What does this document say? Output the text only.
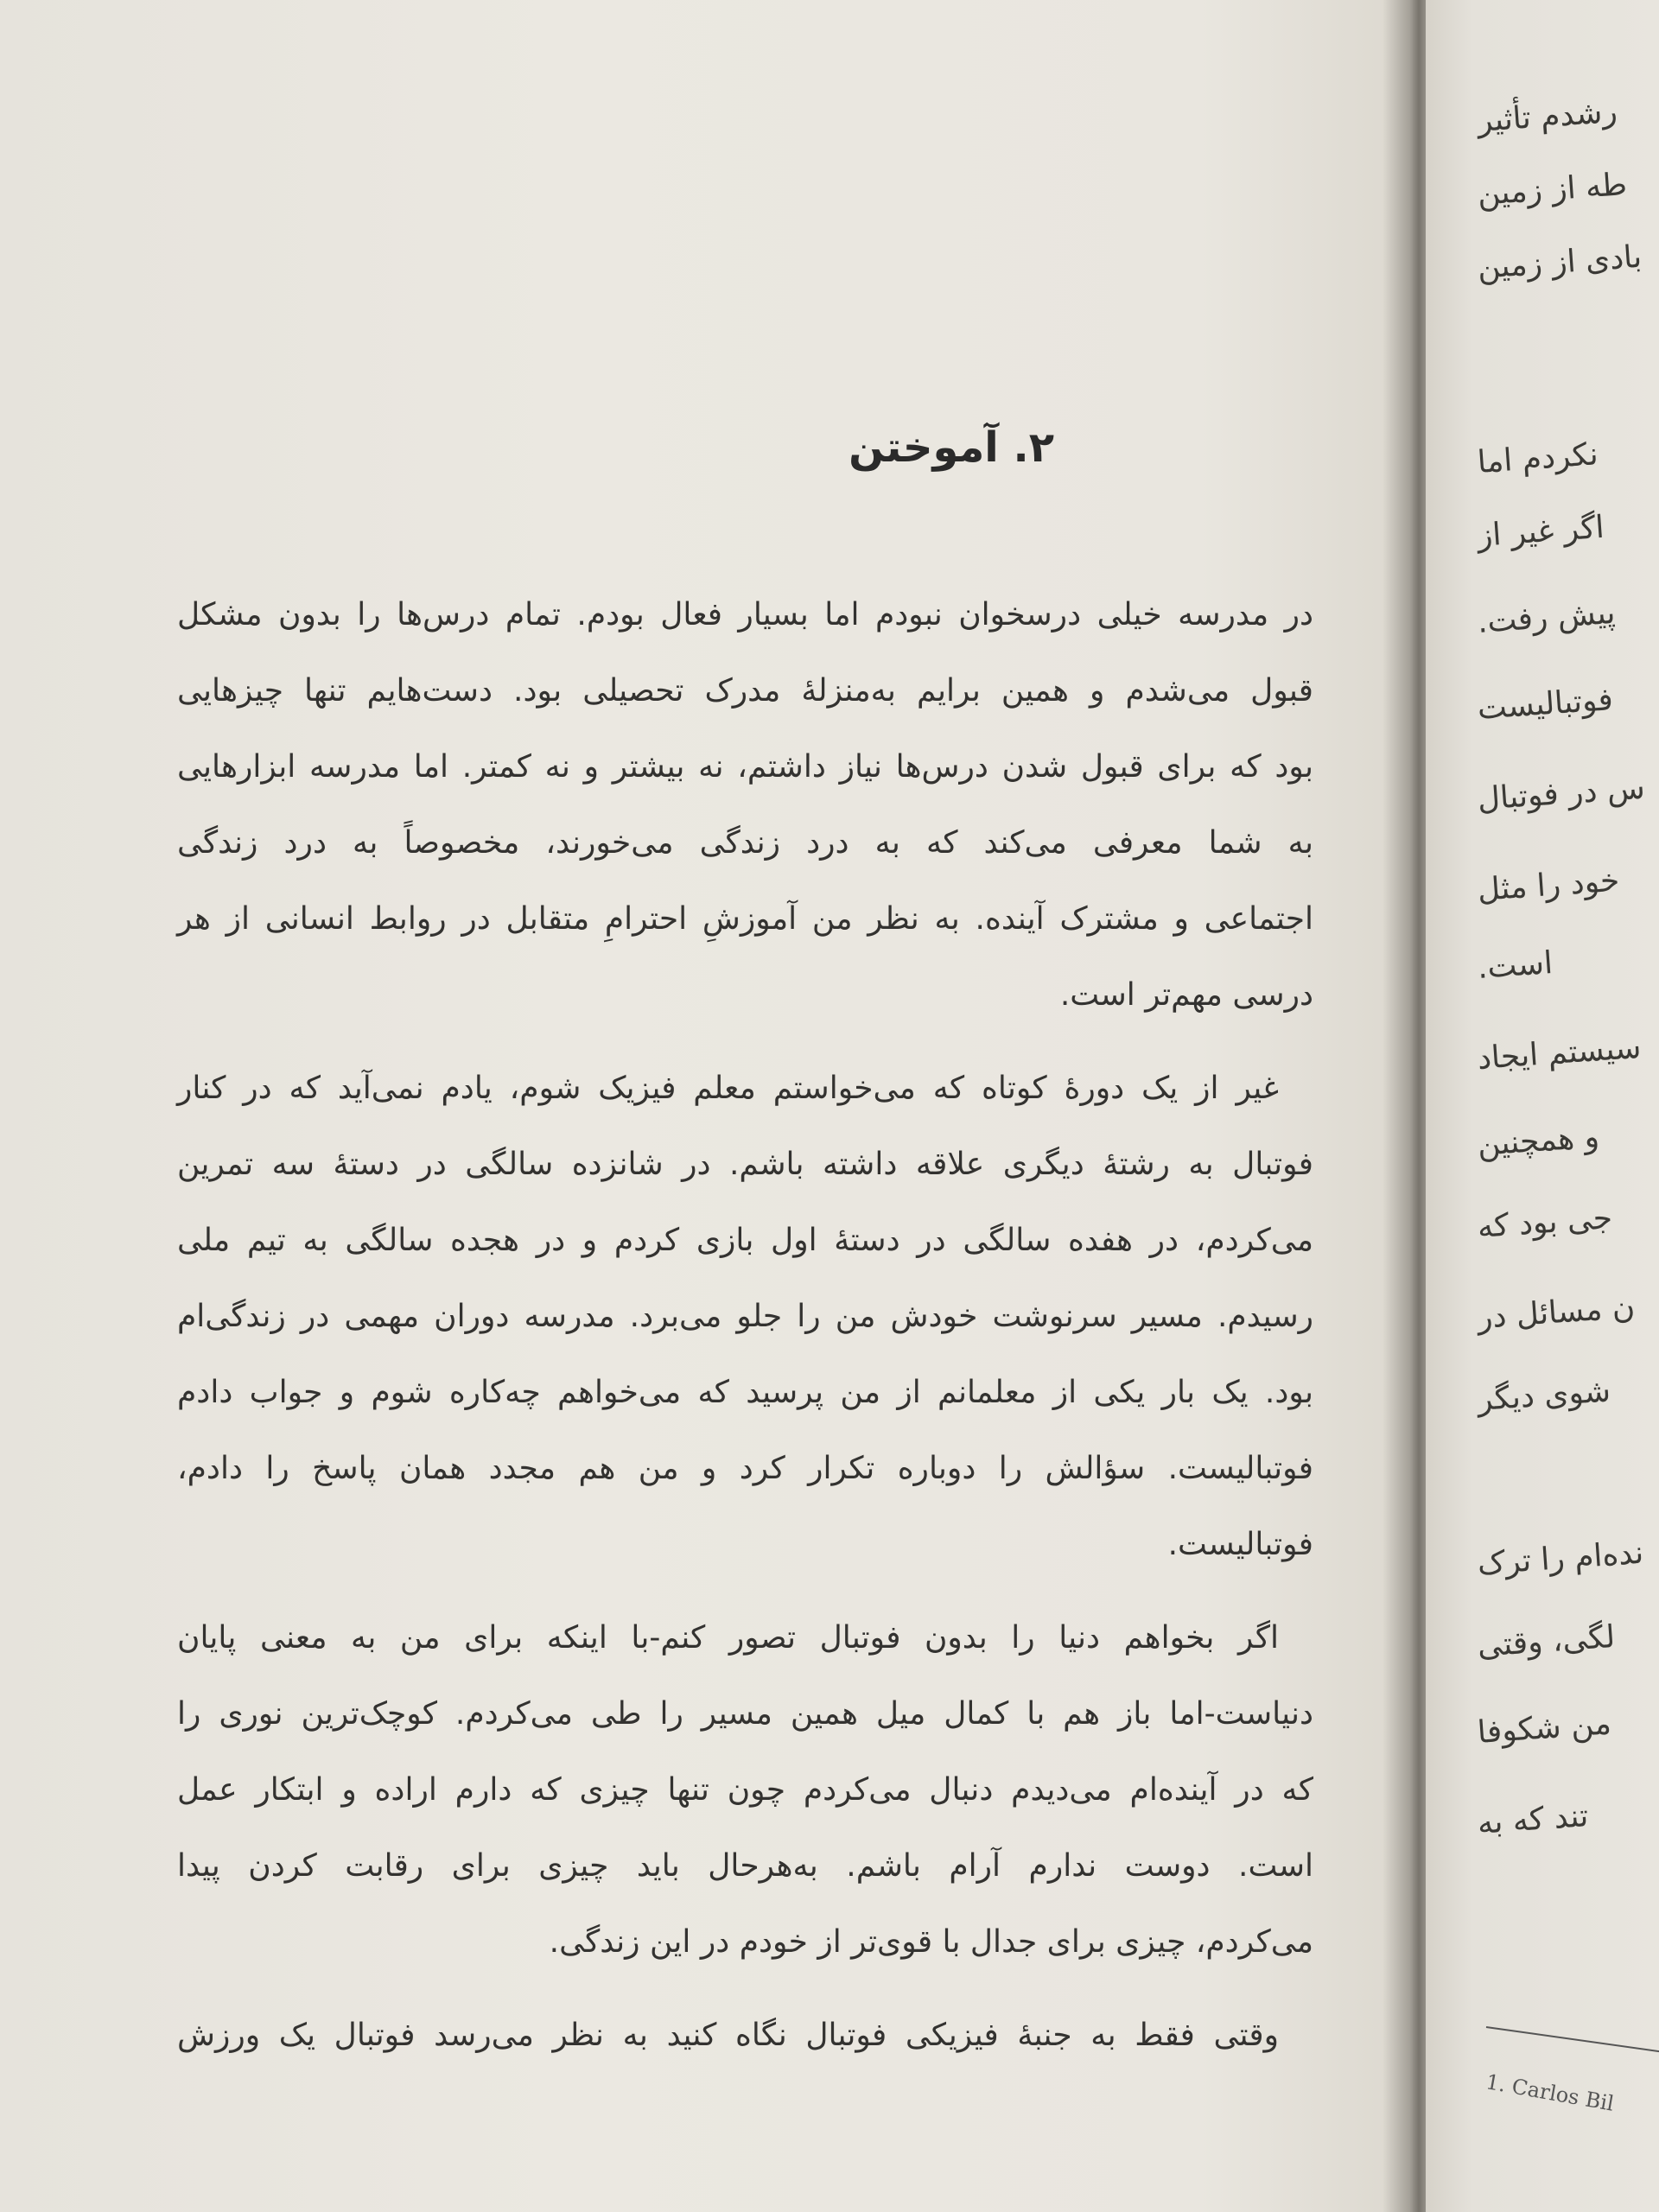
۲. آموختن
در مدرسه خیلی درسخوان نبودم اما بسیار فعال بودم. تمام درس‌ها را بدون مشکل
قبول می‌شدم و همین برایم به‌منزلهٔ مدرک تحصیلی بود. دست‌هایم تنها چیزهایی
بود که برای قبول شدن درس‌ها نیاز داشتم، نه بیشتر و نه کمتر. اما مدرسه ابزارهایی
به شما معرفی می‌کند که به درد زندگی می‌خورند، مخصوصاً به درد زندگی
اجتماعی و مشترک آینده. به نظر من آموزشِ احترامِ متقابل در روابط انسانی از هر
درسی مهم‌تر است.
غیر از یک دورهٔ کوتاه که می‌خواستم معلم فیزیک شوم، یادم نمی‌آید که در کنار
فوتبال به رشتهٔ دیگری علاقه داشته باشم. در شانزده سالگی در دستهٔ سه تمرین
می‌کردم، در هفده سالگی در دستهٔ اول بازی کردم و در هجده سالگی به تیم ملی
رسیدم. مسیر سرنوشت خودش من را جلو می‌برد. مدرسه دوران مهمی در زندگی‌ام
بود. یک بار یکی از معلمانم از من پرسید که می‌خواهم چه‌کاره شوم و جواب دادم
فوتبالیست. سؤالش را دوباره تکرار کرد و من هم مجدد همان پاسخ را دادم،
فوتبالیست.
اگر بخواهم دنیا را بدون فوتبال تصور کنم-با اینکه برای من به معنی پایان
دنیاست-اما باز هم با کمال میل همین مسیر را طی می‌کردم. کوچک‌ترین نوری را
که در آینده‌ام می‌دیدم دنبال می‌کردم چون تنها چیزی که دارم اراده و ابتکار عمل
است. دوست ندارم آرام باشم. به‌هرحال باید چیزی برای رقابت کردن پیدا
می‌کردم، چیزی برای جدال با قوی‌تر از خودم در این زندگی.
وقتی فقط به جنبهٔ فیزیکی فوتبال نگاه کنید به نظر می‌رسد فوتبال یک ورزش
رشدم تأثیر
طه از زمین
بادی از زمین
نکردم اما
اگر غیر از
پیش رفت.
فوتبالیست
س در فوتبال
خود را مثل
است.
سیستم ایجاد
و همچنین
جی بود که
ن مسائل در
شوی دیگر
نده‌ام را ترک
لگی، وقتی
من شکوفا
تند که به
1. Carlos Bil
